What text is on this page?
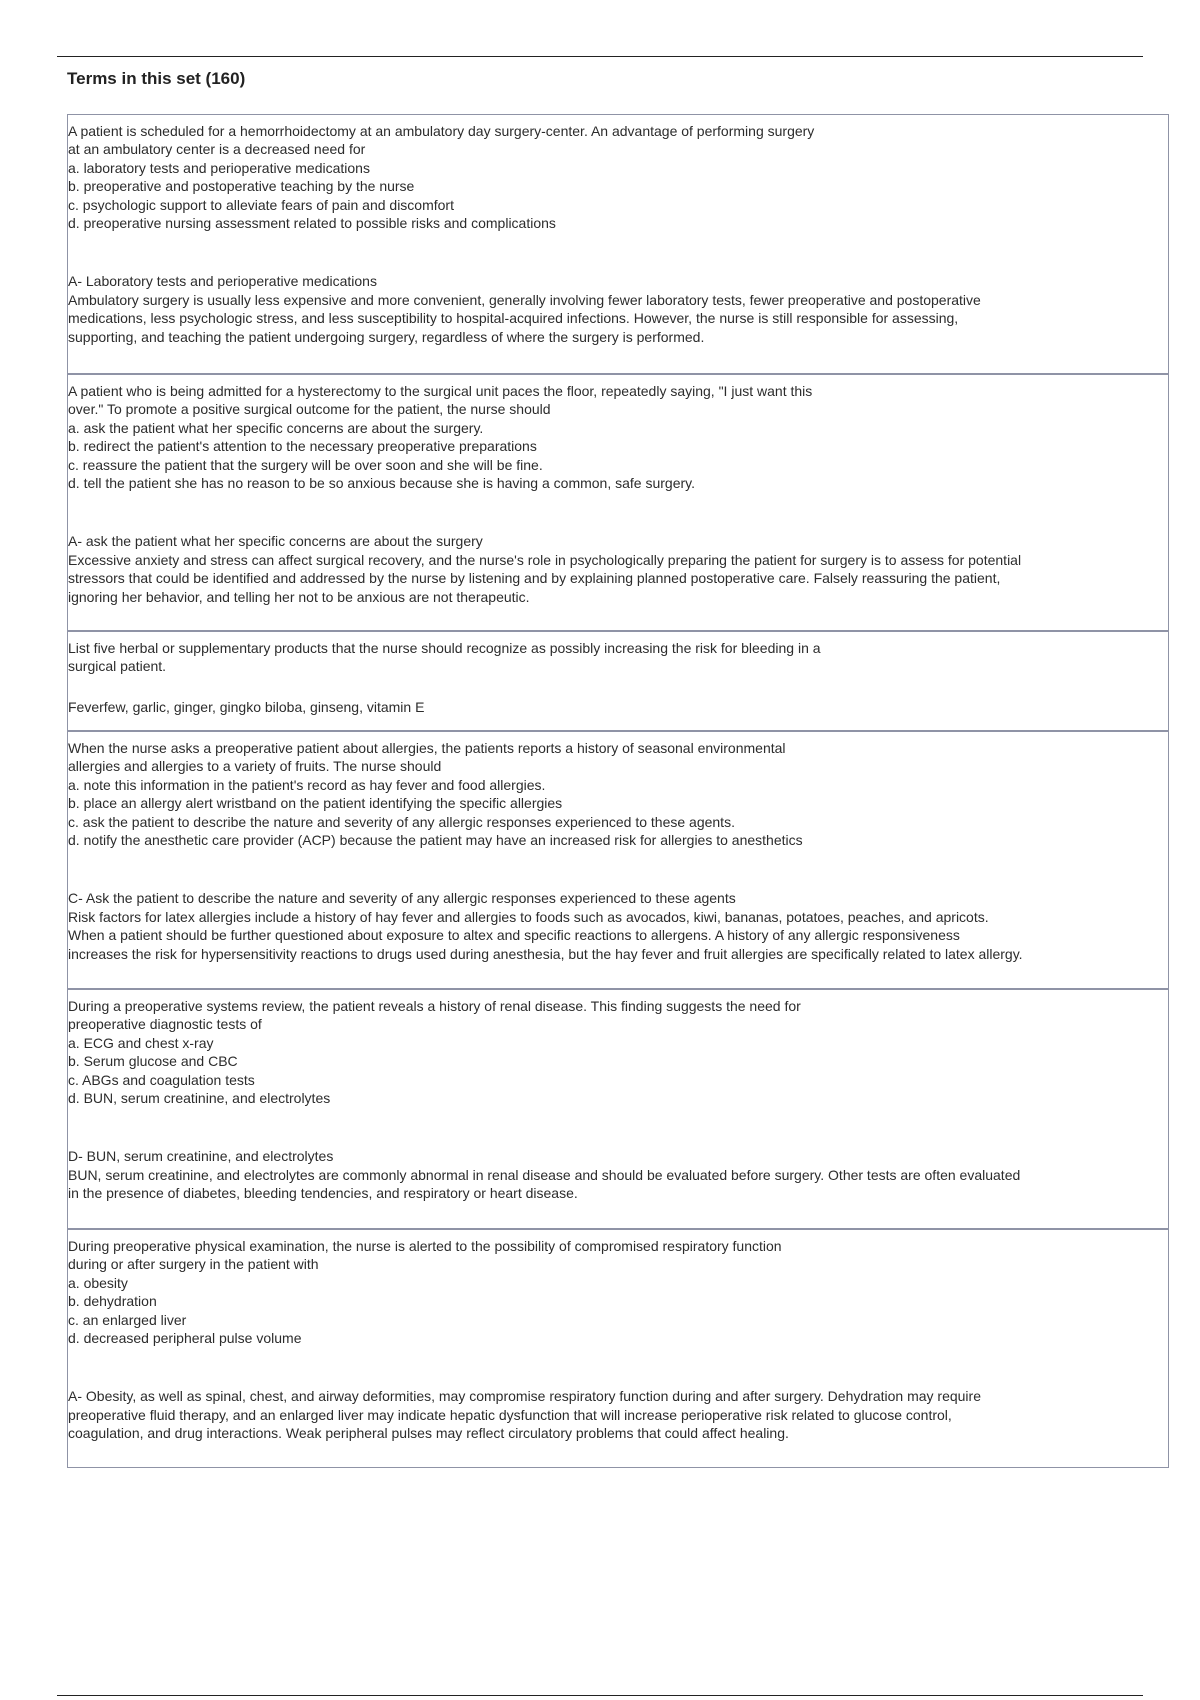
Terms in this set (160)
A patient is scheduled for a hemorrhoidectomy at an ambulatory day surgery-center. An advantage of performing surgery
at an ambulatory center is a decreased need for
a. laboratory tests and perioperative medications
b. preoperative and postoperative teaching by the nurse
c. psychologic support to alleviate fears of pain and discomfort
d. preoperative nursing assessment related to possible risks and complications
A- Laboratory tests and perioperative medications
Ambulatory surgery is usually less expensive and more convenient, generally involving fewer laboratory tests, fewer preoperative and postoperative
medications, less psychologic stress, and less susceptibility to hospital-acquired infections. However, the nurse is still responsible for assessing,
supporting, and teaching the patient undergoing surgery, regardless of where the surgery is performed.
A patient who is being admitted for a hysterectomy to the surgical unit paces the floor, repeatedly saying, "I just want this
over." To promote a positive surgical outcome for the patient, the nurse should
a. ask the patient what her specific concerns are about the surgery.
b. redirect the patient's attention to the necessary preoperative preparations
c. reassure the patient that the surgery will be over soon and she will be fine.
d. tell the patient she has no reason to be so anxious because she is having a common, safe surgery.
A- ask the patient what her specific concerns are about the surgery
Excessive anxiety and stress can affect surgical recovery, and the nurse's role in psychologically preparing the patient for surgery is to assess for potential
stressors that could be identified and addressed by the nurse by listening and by explaining planned postoperative care. Falsely reassuring the patient,
ignoring her behavior, and telling her not to be anxious are not therapeutic.
List five herbal or supplementary products that the nurse should recognize as possibly increasing the risk for bleeding in a
surgical patient.
Feverfew, garlic, ginger, gingko biloba, ginseng, vitamin E
When the nurse asks a preoperative patient about allergies, the patients reports a history of seasonal environmental
allergies and allergies to a variety of fruits. The nurse should
a. note this information in the patient's record as hay fever and food allergies.
b. place an allergy alert wristband on the patient identifying the specific allergies
c. ask the patient to describe the nature and severity of any allergic responses experienced to these agents.
d. notify the anesthetic care provider (ACP) because the patient may have an increased risk for allergies to anesthetics
C- Ask the patient to describe the nature and severity of any allergic responses experienced to these agents
Risk factors for latex allergies include a history of hay fever and allergies to foods such as avocados, kiwi, bananas, potatoes, peaches, and apricots.
When a patient should be further questioned about exposure to altex and specific reactions to allergens. A history of any allergic responsiveness
increases the risk for hypersensitivity reactions to drugs used during anesthesia, but the hay fever and fruit allergies are specifically related to latex allergy.
During a preoperative systems review, the patient reveals a history of renal disease. This finding suggests the need for
preoperative diagnostic tests of
a. ECG and chest x-ray
b. Serum glucose and CBC
c. ABGs and coagulation tests
d. BUN, serum creatinine, and electrolytes
D- BUN, serum creatinine, and electrolytes
BUN, serum creatinine, and electrolytes are commonly abnormal in renal disease and should be evaluated before surgery. Other tests are often evaluated
in the presence of diabetes, bleeding tendencies, and respiratory or heart disease.
During preoperative physical examination, the nurse is alerted to the possibility of compromised respiratory function
during or after surgery in the patient with
a. obesity
b. dehydration
c. an enlarged liver
d. decreased peripheral pulse volume
A- Obesity, as well as spinal, chest, and airway deformities, may compromise respiratory function during and after surgery. Dehydration may require
preoperative fluid therapy, and an enlarged liver may indicate hepatic dysfunction that will increase perioperative risk related to glucose control,
coagulation, and drug interactions. Weak peripheral pulses may reflect circulatory problems that could affect healing.
